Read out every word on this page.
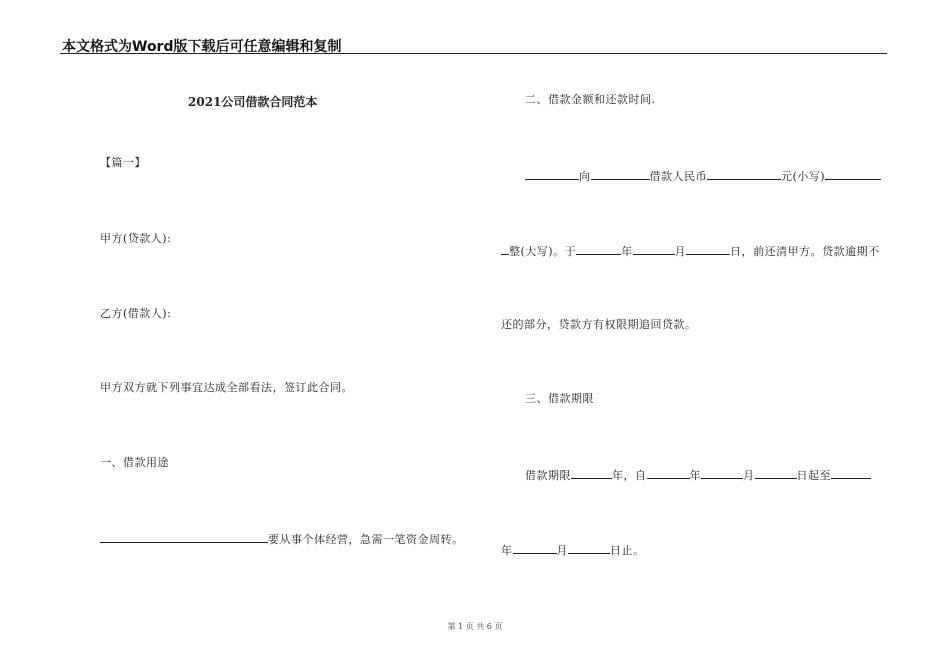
本文格式为Word版下载后可任意编辑和复制
2021公司借款合同范本
【篇一】
甲方(贷款人):
乙方(借款人):
甲方双方就下列事宜达成全部看法，签订此合同。
一、借款用途
要从事个体经营，急需一笔资金周转。
二、借款金额和还款时间.
向	借款人民币	元(小写)
整(大写)。于	年	月	日，前还清甲方。贷款逾期不
还的部分，贷款方有权限期追回贷款。
三、借款期限
借款期限	年，自	年	月	日起至
年	月	日止。
第 1 页 共 6 页
